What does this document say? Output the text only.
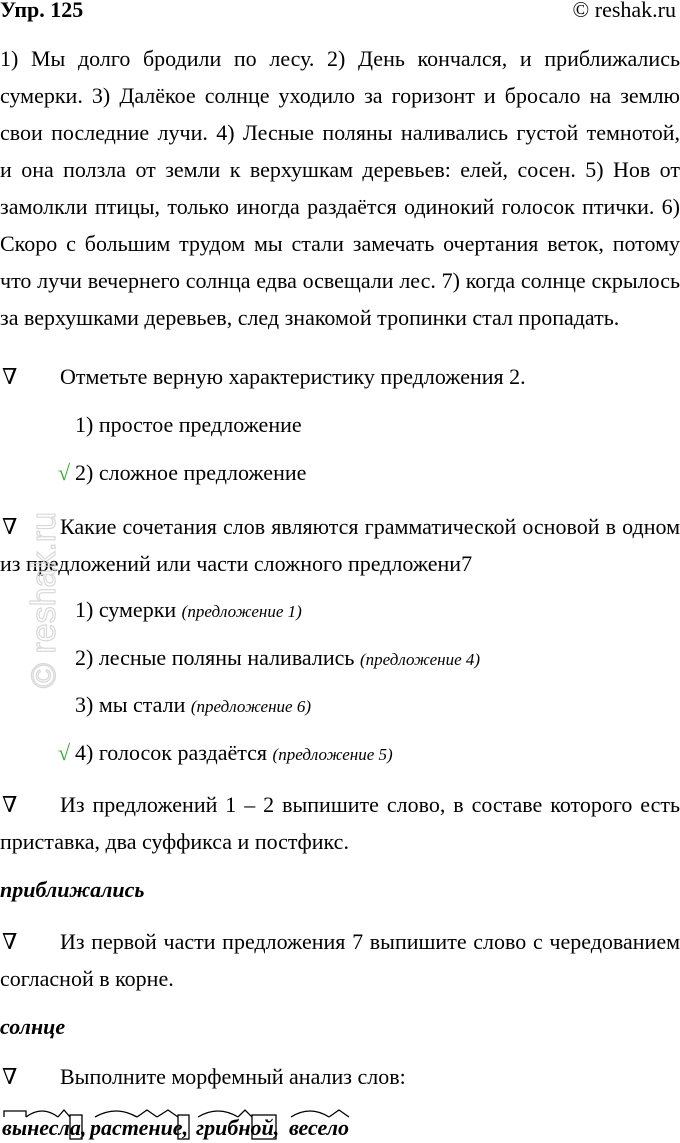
Упр. 125	© reshak.ru
1) Мы долго бродили по лесу. 2) День кончался, и приближались
сумерки. 3) Далёкое солнце уходило за горизонт и бросало на землю
свои последние лучи. 4) Лесные поляны наливались густой темнотой,
и она ползла от земли к верхушкам деревьев: елей, сосен. 5) Нов от
замолкли птицы, только иногда раздаётся одинокий голосок птички. 6)
Скоро с большим трудом мы стали замечать очертания веток, потому
что лучи вечернего солнца едва освещали лес. 7) когда солнце скрылось
за верхушками деревьев, след знакомой тропинки стал пропадать.
∇	Отметьте верную характеристику предложения 2.
1) простое предложение
√ 2) сложное предложение
∇	Какие сочетания слов являются грамматической основой в одном
из предложений или части сложного предложени7
1) сумерки (предложение 1)
2) лесные поляны наливались (предложение 4)
3) мы стали (предложение 6)
√ 4) голосок раздаётся (предложение 5)
∇	Из предложений 1 – 2 выпишите слово, в составе которого есть
приставка, два суффикса и постфикс.
приближались
∇	Из первой части предложения 7 выпишите слово с чередованием
согласной в корне.
солнце
∇	Выполните морфемный анализ слов:
вынесла, растение, грибной, весело
© reshak.ru
